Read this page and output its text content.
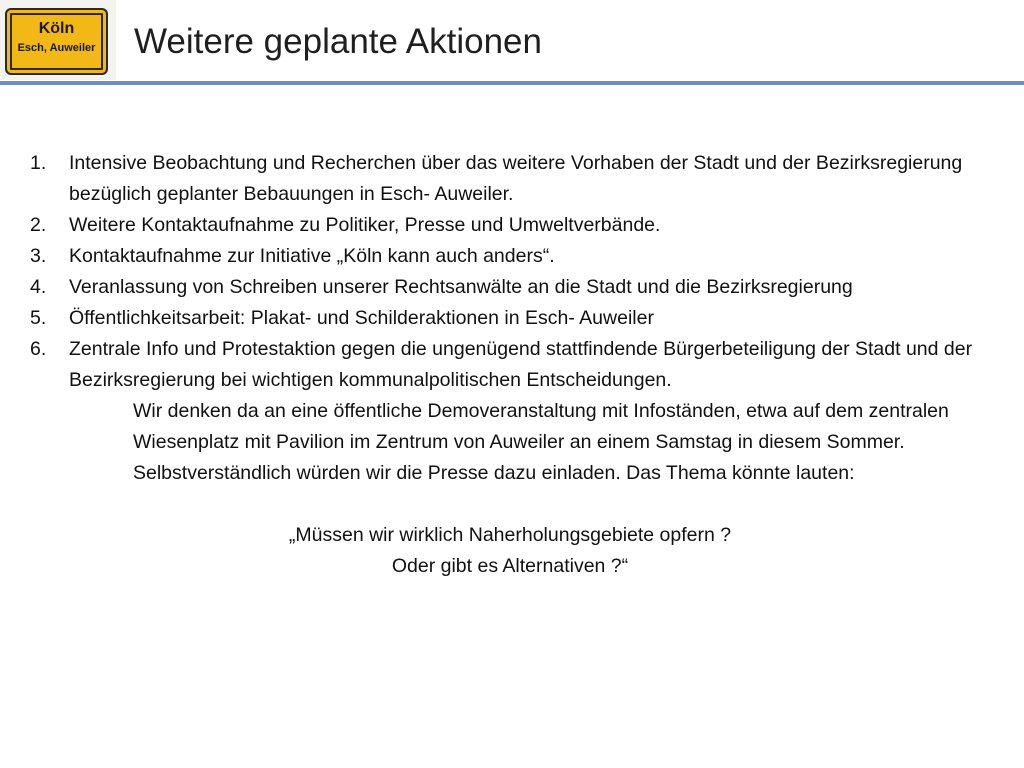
Köln
Esch, Auweiler	Weitere geplante Aktionen
1. Intensive Beobachtung und Recherchen über das weitere Vorhaben der Stadt und der Bezirksregierung bezüglich geplanter Bebauungen in Esch- Auweiler.
2. Weitere Kontaktaufnahme zu Politiker, Presse und Umweltverbände.
3. Kontaktaufnahme zur Initiative „Köln kann auch anders“.
4. Veranlassung von Schreiben unserer Rechtsanwälte an die Stadt und die Bezirksregierung
5. Öffentlichkeitsarbeit: Plakat- und Schilderaktionen in Esch- Auweiler
6. Zentrale Info und Protestaktion gegen die ungenügend stattfindende Bürgerbeteiligung der Stadt und der Bezirksregierung bei wichtigen kommunalpolitischen Entscheidungen.

Wir denken da an eine öffentliche Demoveranstaltung mit Infoständen, etwa auf dem zentralen Wiesenplatz mit Pavilion im Zentrum von Auweiler an einem Samstag in diesem Sommer. Selbstverständlich würden wir die Presse dazu einladen. Das Thema könnte lauten:

„Müssen wir wirklich Naherholungsgebiete opfern ?
Oder gibt es Alternativen ?“
